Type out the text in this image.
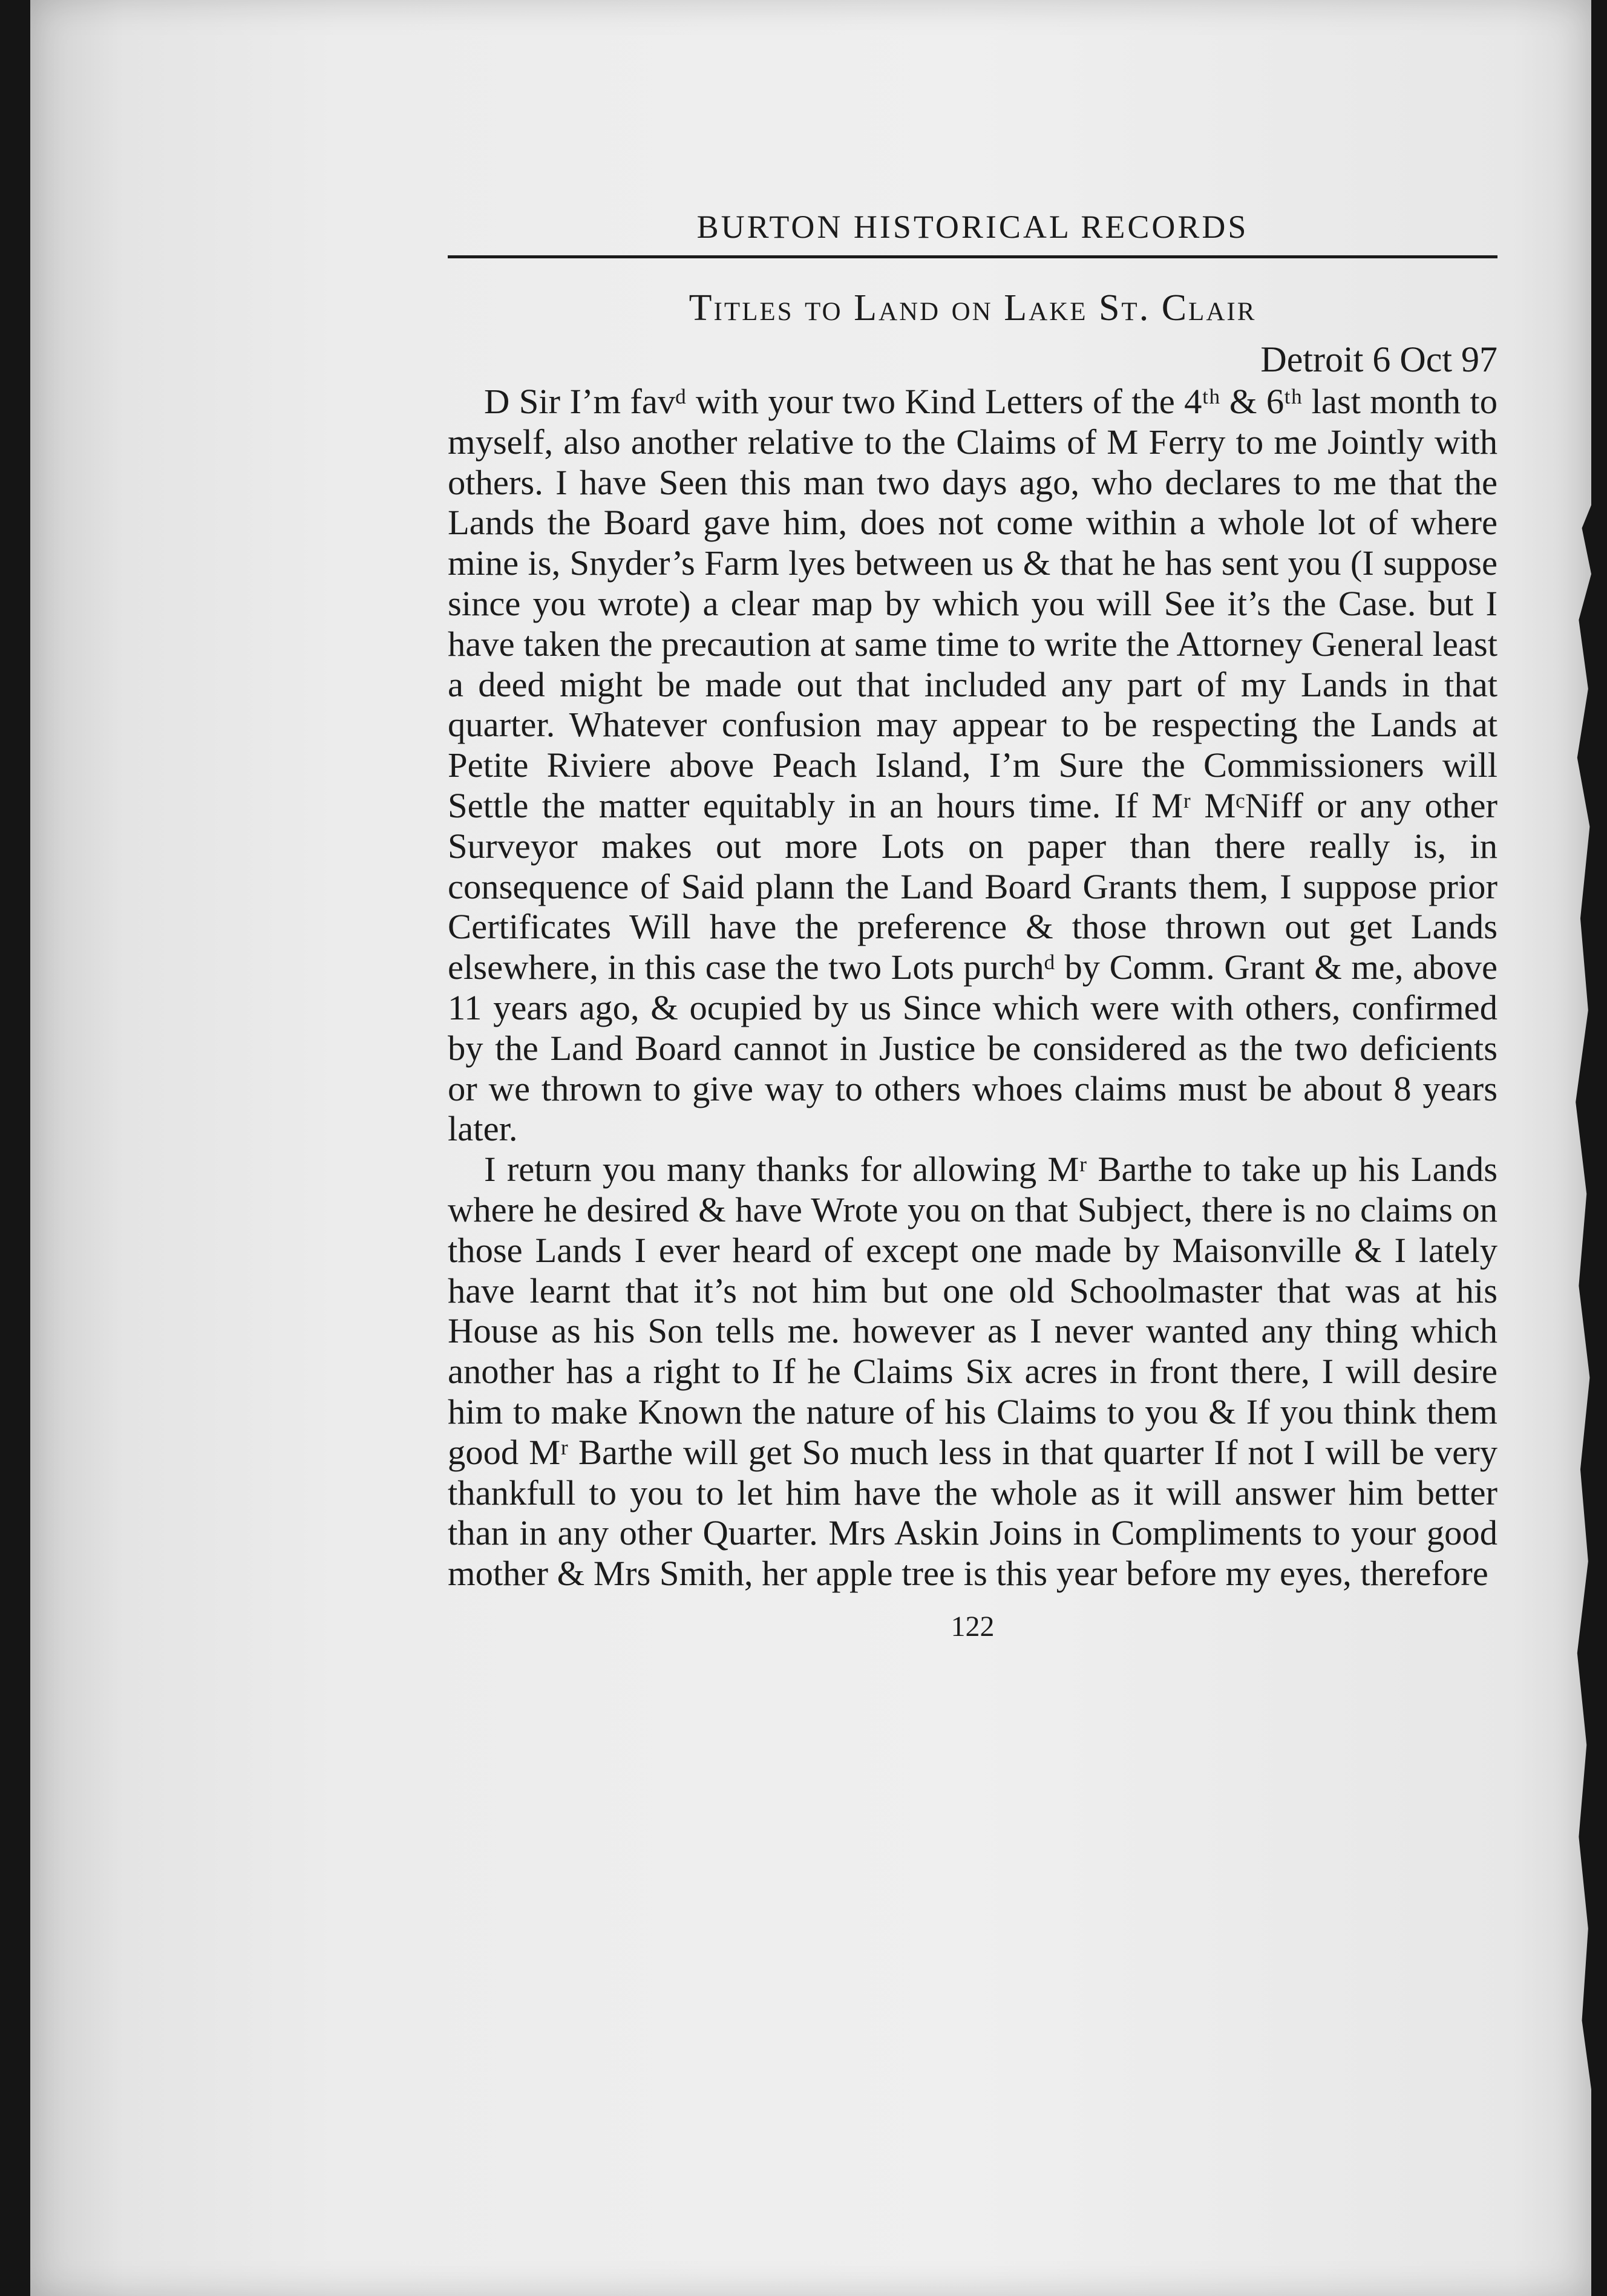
BURTON HISTORICAL RECORDS
Titles to Land on Lake St. Clair
Detroit 6 Oct 97

D Sir I’m favᵈ with your two Kind Letters of the 4ᵗʰ & 6ᵗʰ last month to myself, also another relative to the Claims of M Ferry to me Jointly with others. I have Seen this man two days ago, who declares to me that the Lands the Board gave him, does not come within a whole lot of where mine is, Snyder’s Farm lyes between us & that he has sent you (I suppose since you wrote) a clear map by which you will See it’s the Case. but I have taken the precaution at same time to write the Attorney General least a deed might be made out that included any part of my Lands in that quarter. Whatever confusion may appear to be respecting the Lands at Petite Riviere above Peach Island, I’m Sure the Commissioners will Settle the matter equitably in an hours time. If Mʳ MᶜNiff or any other Surveyor makes out more Lots on paper than there really is, in consequence of Said plann the Land Board Grants them, I suppose prior Certificates Will have the preference & those thrown out get Lands elsewhere, in this case the two Lots purchᵈ by Comm. Grant & me, above 11 years ago, & ocupied by us Since which were with others, confirmed by the Land Board cannot in Justice be considered as the two deficients or we thrown to give way to others whoes claims must be about 8 years later.

I return you many thanks for allowing Mʳ Barthe to take up his Lands where he desired & have Wrote you on that Subject, there is no claims on those Lands I ever heard of except one made by Maisonville & I lately have learnt that it’s not him but one old Schoolmaster that was at his House as his Son tells me. however as I never wanted any thing which another has a right to If he Claims Six acres in front there, I will desire him to make Known the nature of his Claims to you & If you think them good Mʳ Barthe will get So much less in that quarter If not I will be very thankfull to you to let him have the whole as it will answer him better than in any other Quarter. Mrs Askin Joins in Compliments to your good mother & Mrs Smith, her apple tree is this year before my eyes, therefore

122
